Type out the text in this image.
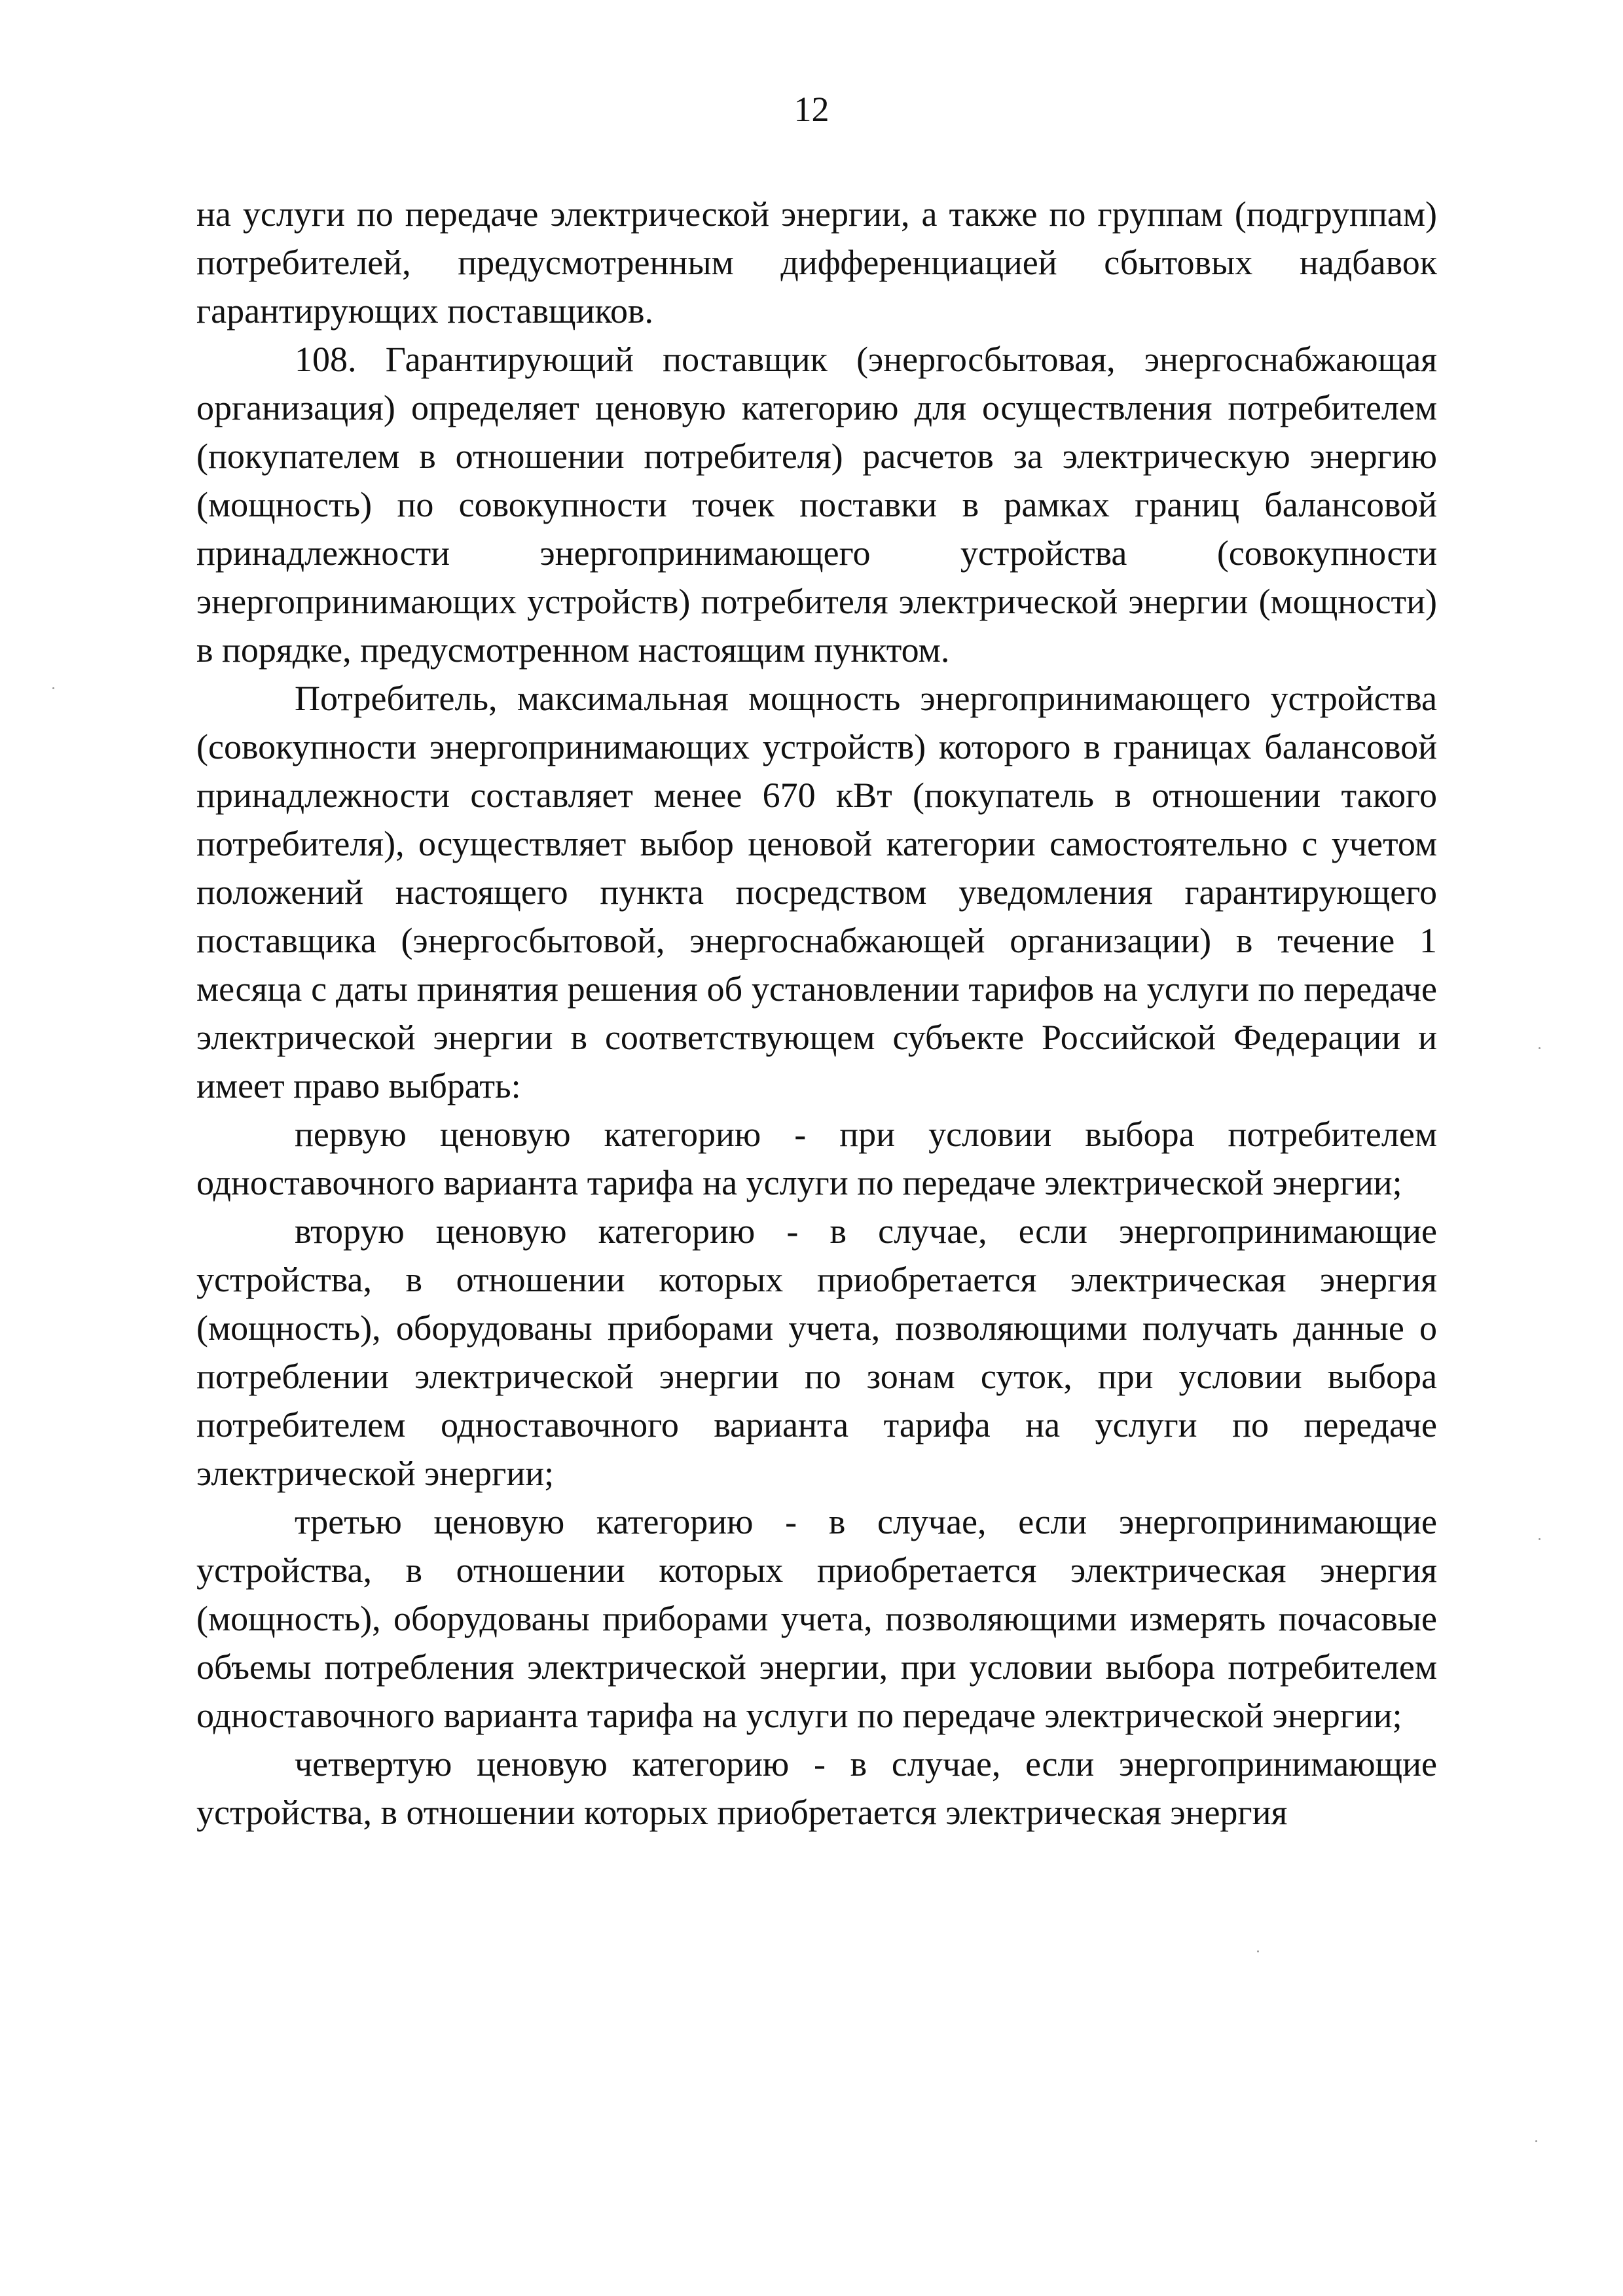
12

на услуги по передаче электрической энергии, а также по группам (подгруппам) потребителей, предусмотренным дифференциацией сбытовых надбавок гарантирующих поставщиков.

108. Гарантирующий поставщик (энергосбытовая, энергоснабжающая организация) определяет ценовую категорию для осуществления потребителем (покупателем в отношении потребителя) расчетов за электрическую энергию (мощность) по совокупности точек поставки в рамках границ балансовой принадлежности энергопринимающего устройства (совокупности энергопринимающих устройств) потребителя электрической энергии (мощности) в порядке, предусмотренном настоящим пунктом.

Потребитель, максимальная мощность энергопринимающего устройства (совокупности энергопринимающих устройств) которого в границах балансовой принадлежности составляет менее 670 кВт (покупатель в отношении такого потребителя), осуществляет выбор ценовой категории самостоятельно с учетом положений настоящего пункта посредством уведомления гарантирующего поставщика (энергосбытовой, энергоснабжающей организации) в течение 1 месяца с даты принятия решения об установлении тарифов на услуги по передаче электрической энергии в соответствующем субъекте Российской Федерации и имеет право выбрать:

первую ценовую категорию - при условии выбора потребителем одноставочного варианта тарифа на услуги по передаче электрической энергии;

вторую ценовую категорию - в случае, если энергопринимающие устройства, в отношении которых приобретается электрическая энергия (мощность), оборудованы приборами учета, позволяющими получать данные о потреблении электрической энергии по зонам суток, при условии выбора потребителем одноставочного варианта тарифа на услуги по передаче электрической энергии;

третью ценовую категорию - в случае, если энергопринимающие устройства, в отношении которых приобретается электрическая энергия (мощность), оборудованы приборами учета, позволяющими измерять почасовые объемы потребления электрической энергии, при условии выбора потребителем одноставочного варианта тарифа на услуги по передаче электрической энергии;

четвертую ценовую категорию - в случае, если энергопринимающие устройства, в отношении которых приобретается электрическая энергия
